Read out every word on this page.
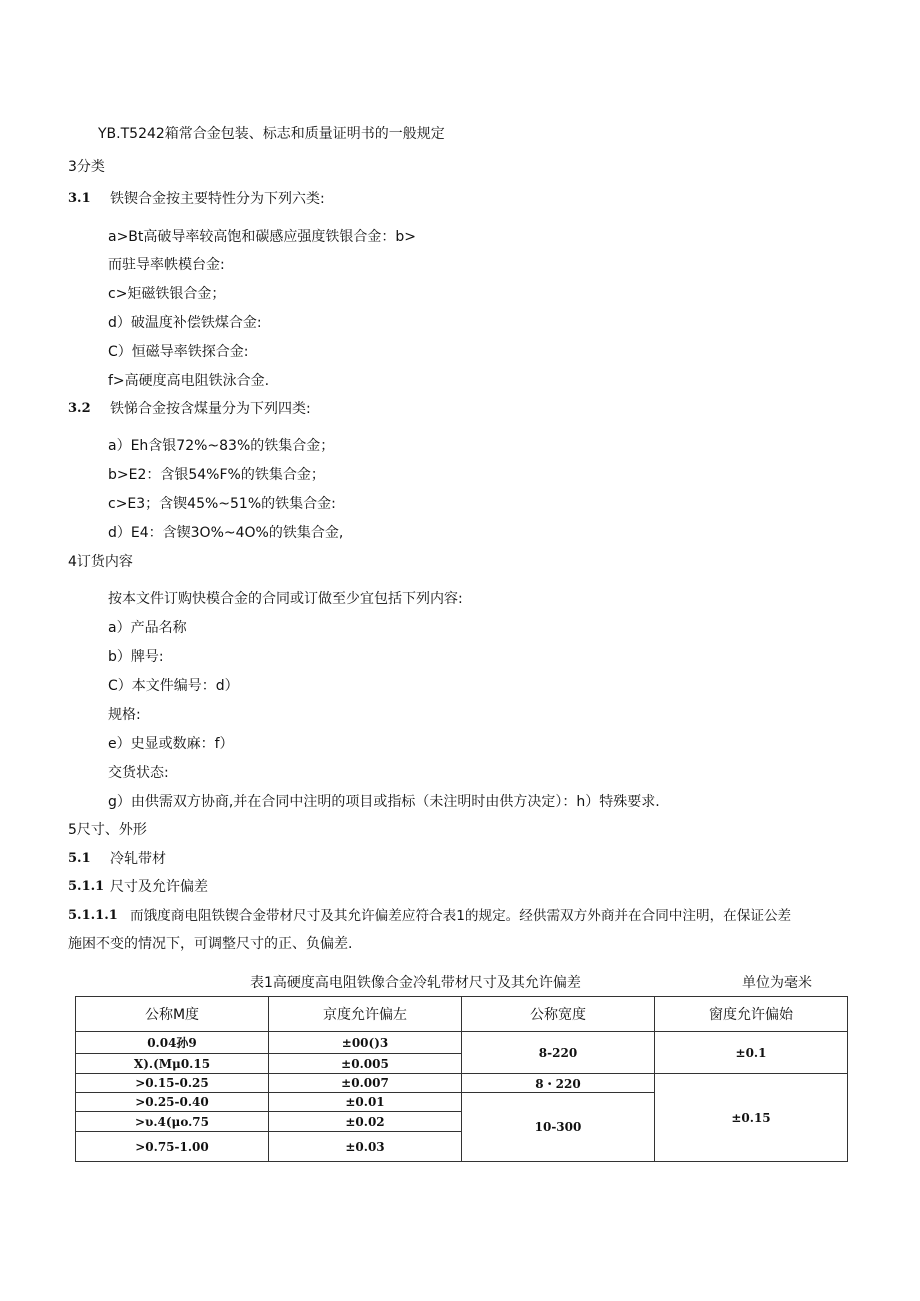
YB.T5242箱常合金包装、标志和质量证明书的一般规定
3分类
3.1 铁锲合金按主要特性分为下列六类:
a>Bt高破导率较高饱和碳感应强度铁银合金：b>
而驻导率帙模台金:
c>矩磁铁银合金；
d）破温度补偿铁煤合金:
C）恒磁导率铁探合金:
f>高硬度高电阻铁泳合金.
3.2 铁悌合金按含煤量分为下列四类:
a）Eh含银72%~83%的铁集合金；
b>E2：含银54%F%的铁集合金；
c>E3；含锲45%~51%的铁集合金:
d）E4：含锲3O%~4O%的铁集合金,
4订货内容
按本文件订购快模合金的合同或订做至少宜包括下列内容:
a）产品名称
b）牌号:
C）本文件编号：d）
规格:
e）史显或数麻：f）
交货状态:
g）由供需双方协商,并在合同中注明的项目或指标（未注明时由供方决定）：h）特殊要求.
5尺寸、外形
5.1 冷轧带材
5.1.1 尺寸及允许偏差
5.1.1.1 而饿度商电阻铁锲合金带材尺寸及其允许偏差应符合表1的规定。经供需双方外商并在合同中注明，在保证公差
施困不变的情况下，可调整尺寸的正、负偏差.
表1高硬度高电阻铁像合金冷轧带材尺寸及其允许偏差	单位为毫米
公称M度	京度允许偏左	公称宽度	窗度允许偏始
0.04孙9	±00()3	8-220	±0.1
X).(Mμ0.15	±0.005		
>0.15-0.25	±0.007	8・220	±0.15
>0.25-0.40	±0.01	10-300	
>υ.4(μo.75	±0.02		
>0.75-1.00	±0.03		
